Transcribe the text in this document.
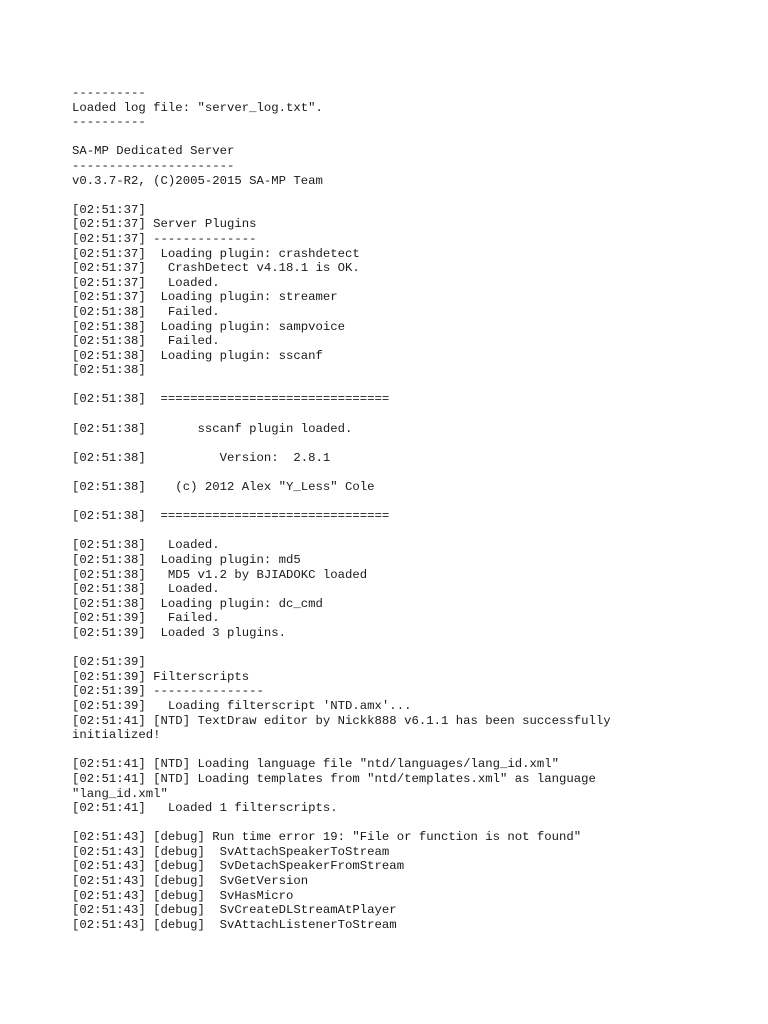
----------
Loaded log file: "server_log.txt".
----------

SA-MP Dedicated Server
----------------------
v0.3.7-R2, (C)2005-2015 SA-MP Team

[02:51:37]
[02:51:37] Server Plugins
[02:51:37] --------------
[02:51:37]  Loading plugin: crashdetect
[02:51:37]   CrashDetect v4.18.1 is OK.
[02:51:37]   Loaded.
[02:51:37]  Loading plugin: streamer
[02:51:38]   Failed.
[02:51:38]  Loading plugin: sampvoice
[02:51:38]   Failed.
[02:51:38]  Loading plugin: sscanf
[02:51:38]

[02:51:38]  ===============================

[02:51:38]       sscanf plugin loaded.

[02:51:38]          Version:  2.8.1

[02:51:38]    (c) 2012 Alex "Y_Less" Cole

[02:51:38]  ===============================

[02:51:38]   Loaded.
[02:51:38]  Loading plugin: md5
[02:51:38]   MD5 v1.2 by BJIADOKC loaded
[02:51:38]   Loaded.
[02:51:38]  Loading plugin: dc_cmd
[02:51:39]   Failed.
[02:51:39]  Loaded 3 plugins.

[02:51:39]
[02:51:39] Filterscripts
[02:51:39] ---------------
[02:51:39]   Loading filterscript 'NTD.amx'...
[02:51:41] [NTD] TextDraw editor by Nickk888 v6.1.1 has been successfully
initialized!

[02:51:41] [NTD] Loading language file "ntd/languages/lang_id.xml"
[02:51:41] [NTD] Loading templates from "ntd/templates.xml" as language
"lang_id.xml"
[02:51:41]   Loaded 1 filterscripts.

[02:51:43] [debug] Run time error 19: "File or function is not found"
[02:51:43] [debug]  SvAttachSpeakerToStream
[02:51:43] [debug]  SvDetachSpeakerFromStream
[02:51:43] [debug]  SvGetVersion
[02:51:43] [debug]  SvHasMicro
[02:51:43] [debug]  SvCreateDLStreamAtPlayer
[02:51:43] [debug]  SvAttachListenerToStream
